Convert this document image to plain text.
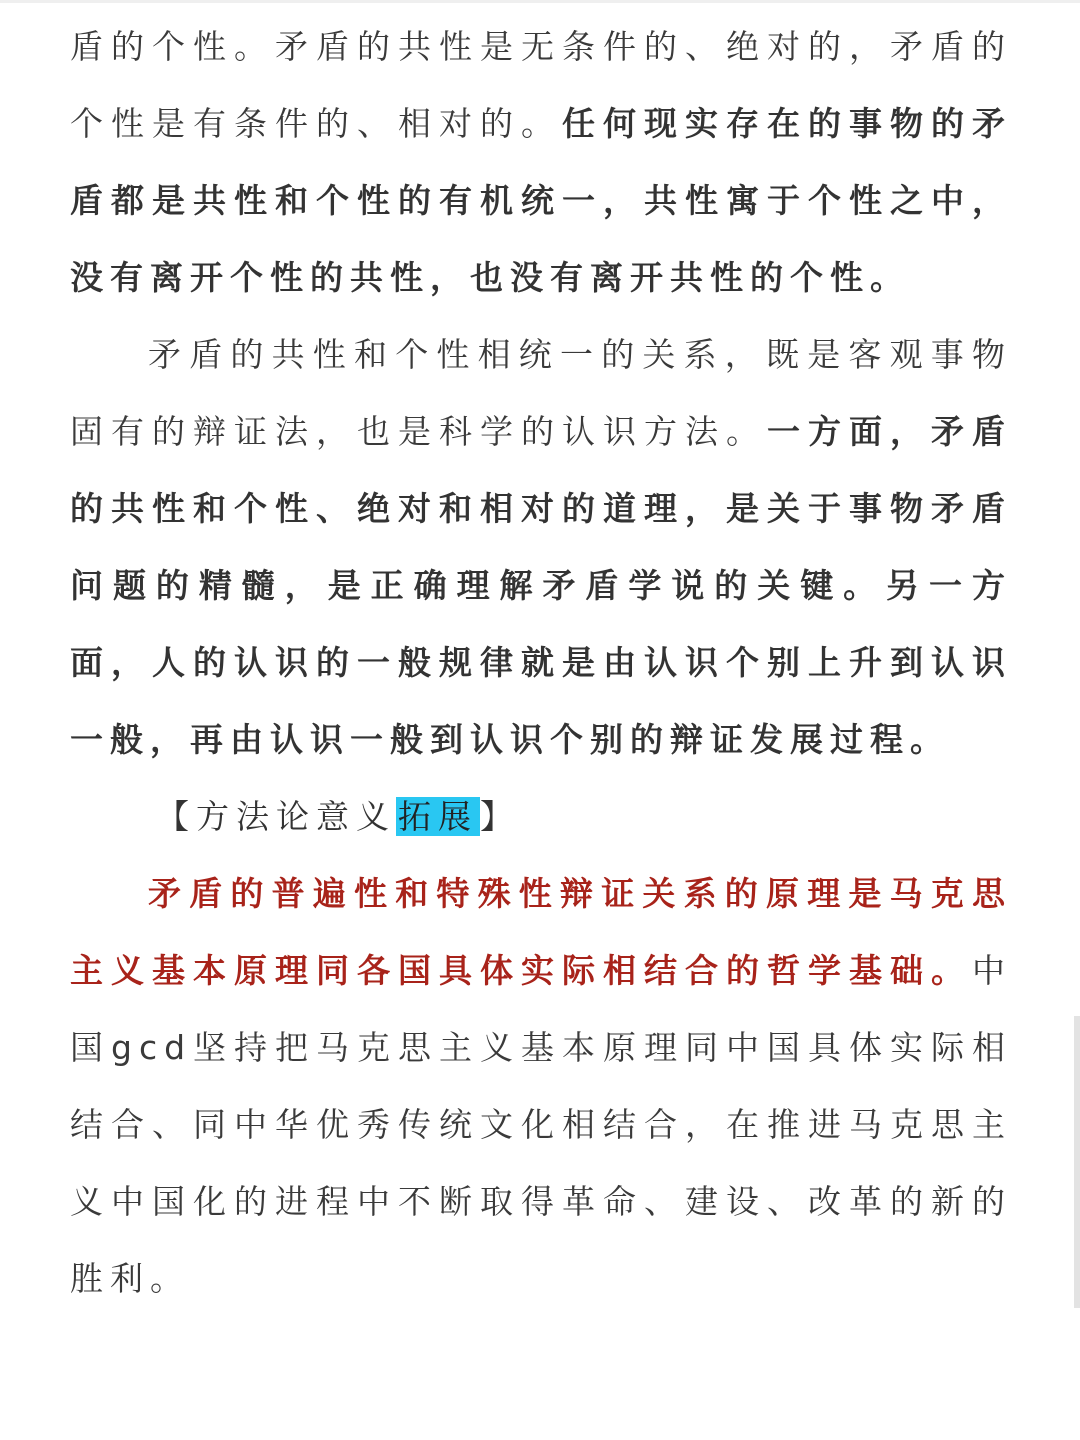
盾的个性。矛盾的共性是无条件的、绝对的，矛盾的个性是有条件的、相对的。任何现实存在的事物的矛盾都是共性和个性的有机统一，共性寓于个性之中，没有离开个性的共性，也没有离开共性的个性。

矛盾的共性和个性相统一的关系，既是客观事物固有的辩证法，也是科学的认识方法。一方面，矛盾的共性和个性、绝对和相对的道理，是关于事物矛盾问题的精髓，是正确理解矛盾学说的关键。另一方面，人的认识的一般规律就是由认识个别上升到认识一般，再由认识一般到认识个别的辩证发展过程。

【方法论意义拓展】

矛盾的普遍性和特殊性辩证关系的原理是马克思主义基本原理同各国具体实际相结合的哲学基础。中国gcd坚持把马克思主义基本原理同中国具体实际相结合、同中华优秀传统文化相结合，在推进马克思主义中国化的进程中不断取得革命、建设、改革的新的胜利。
